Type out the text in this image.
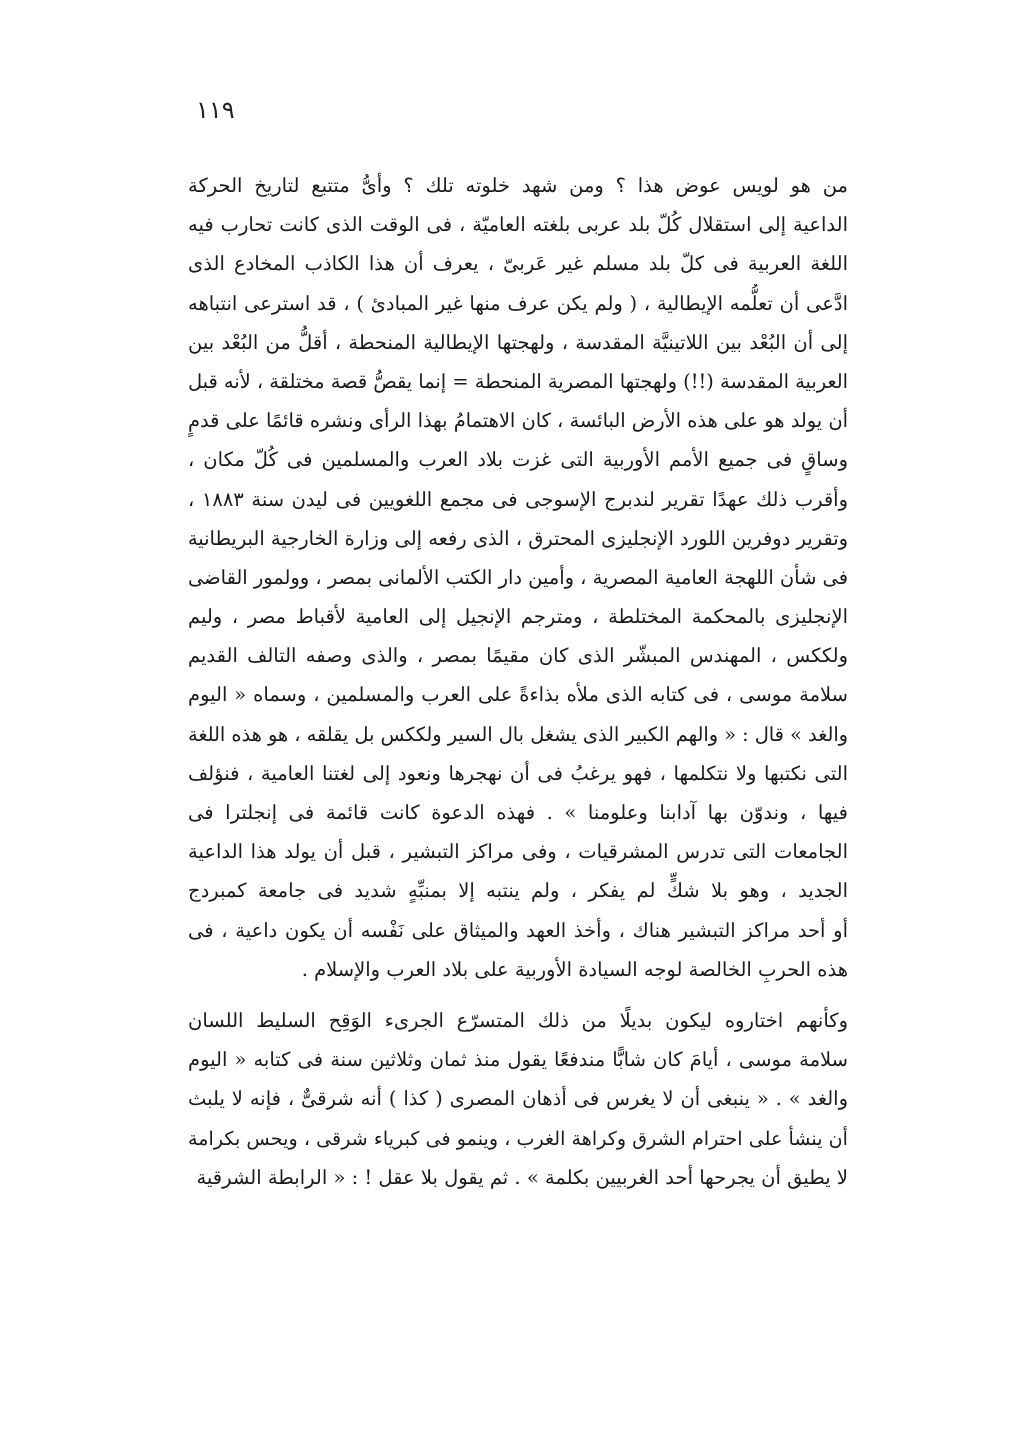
١١٩
من هو لويس عوض هذا ؟ ومن شهد خلوته تلك ؟ وأىُّ متتبع لتاريخ الحركة
الداعية إلى استقلال كُلّ بلد عربى بلغته العاميّة ، فى الوقت الذى كانت تحارب فيه
اللغة العربية فى كلّ بلد مسلم غير عَربىّ ، يعرف أن هذا الكاذب المخادع الذى
ادَّعى أن تعلُّمه الإيطالية ، ( ولم يكن عرف منها غير المبادئ ) ، قد استرعى انتباهه
إلى أن البُعْد بين اللاتينيَّة المقدسة ، ولهجتها الإيطالية المنحطة ، أقلُّ من البُعْد بين
العربية المقدسة (!!) ولهجتها المصرية المنحطة = إنما يقصُّ قصة مختلقة ، لأنه قبل
أن يولد هو على هذه الأرض البائسة ، كان الاهتمامُ بهذا الرأى ونشره قائمًا على قدمٍ
وساقٍ فى جميع الأمم الأوربية التى غزت بلاد العرب والمسلمين فى كُلّ مكان ،
وأقرب ذلك عهدًا تقرير لندبرج الإسوجى فى مجمع اللغويين فى ليدن سنة ١٨٨٣ ،
وتقرير دوفرين اللورد الإنجليزى المحترق ، الذى رفعه إلى وزارة الخارجية البريطانية
فى شأن اللهجة العامية المصرية ، وأمين دار الكتب الألمانى بمصر ، وولمور القاضى
الإنجليزى بالمحكمة المختلطة ، ومترجم الإنجيل إلى العامية لأقباط مصر ، وليم
ولككس ، المهندس المبشّر الذى كان مقيمًا بمصر ، والذى وصفه التالف القديم
سلامة موسى ، فى كتابه الذى ملأه بذاءةً على العرب والمسلمين ، وسماه « اليوم
والغد » قال : « والهم الكبير الذى يشغل بال السير ولككس بل يقلقه ، هو هذه اللغة
التى نكتبها ولا نتكلمها ، فهو يرغبُ فى أن نهجرها ونعود إلى لغتنا العامية ، فنؤلف
فيها ، وندوّن بها آدابنا وعلومنا » . فهذه الدعوة كانت قائمة فى إنجلترا فى
الجامعات التى تدرس المشرقيات ، وفى مراكز التبشير ، قبل أن يولد هذا الداعية
الجديد ، وهو بلا شكٍّ لم يفكر ، ولم ينتبه إلا بمنبِّهٍ شديد فى جامعة كمبردج
أو أحد مراكز التبشير هناك ، وأخذ العهد والميثاق على نَفْسه أن يكون داعية ، فى
هذه الحربِ الخالصة لوجه السيادة الأوربية على بلاد العرب والإسلام .
وكأنهم اختاروه ليكون بديلًا من ذلك المتسرّع الجرىء الوَقِح السليط اللسان
سلامة موسى ، أيامَ كان شابًّا مندفعًا يقول منذ ثمان وثلاثين سنة فى كتابه « اليوم
والغد » . « ينبغى أن لا يغرس فى أذهان المصرى ( كذا ) أنه شرقىٌّ ، فإنه لا يلبث
أن ينشأ على احترام الشرق وكراهة الغرب ، وينمو فى كبرياء شرقى ، ويحس بكرامة
لا يطيق أن يجرحها أحد الغربيين بكلمة » . ثم يقول بلا عقل ! : « الرابطة الشرقية
